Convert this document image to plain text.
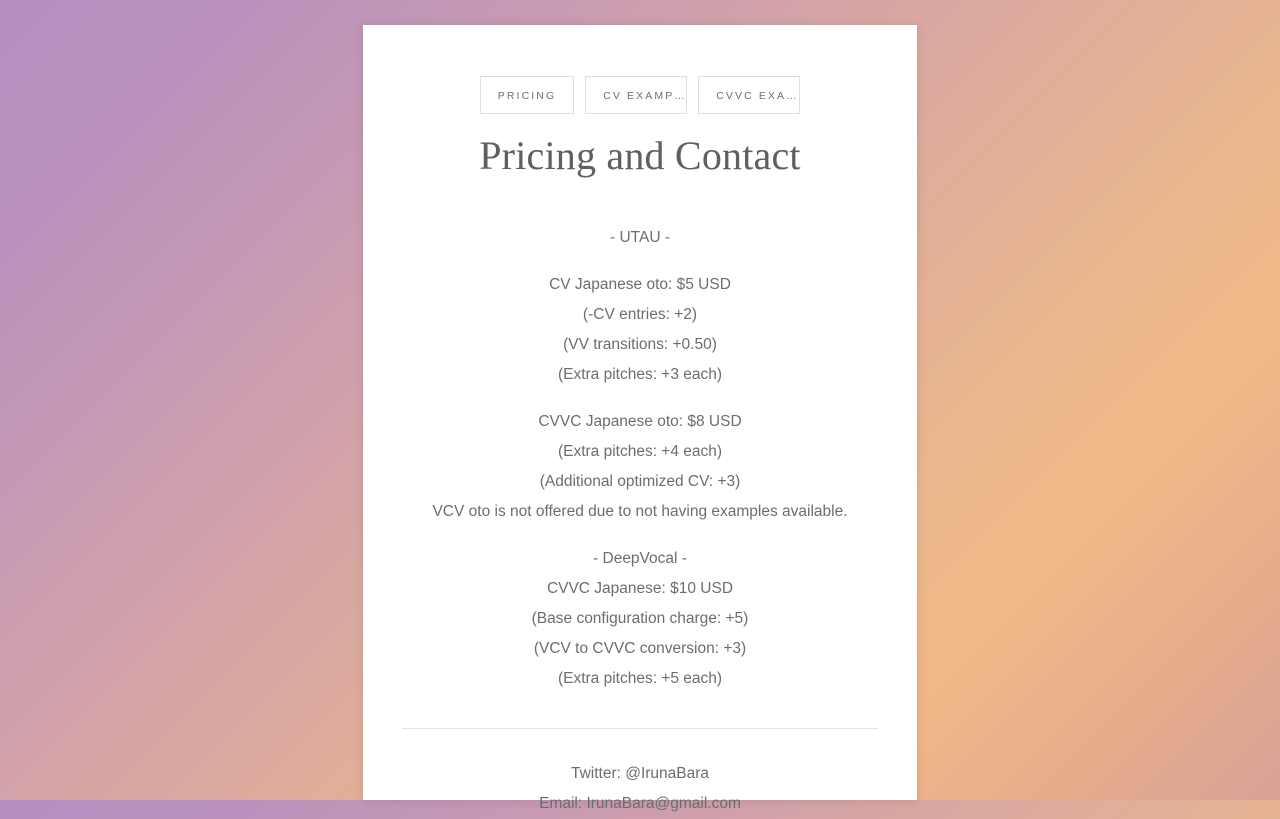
PRICING	CV EXAMP…	CVVC EXA…
Pricing and Contact

- UTAU -

CV Japanese oto: $5 USD

(-CV entries: +2)

(VV transitions: +0.50)

(Extra pitches: +3 each)

CVVC Japanese oto: $8 USD

(Extra pitches: +4 each)

(Additional optimized CV: +3)

VCV oto is not offered due to not having examples available.

- DeepVocal -

CVVC Japanese: $10 USD

(Base configuration charge: +5)

(VCV to CVVC conversion: +3)

(Extra pitches: +5 each)

Twitter: @IrunaBara

Email: IrunaBara@gmail.com
